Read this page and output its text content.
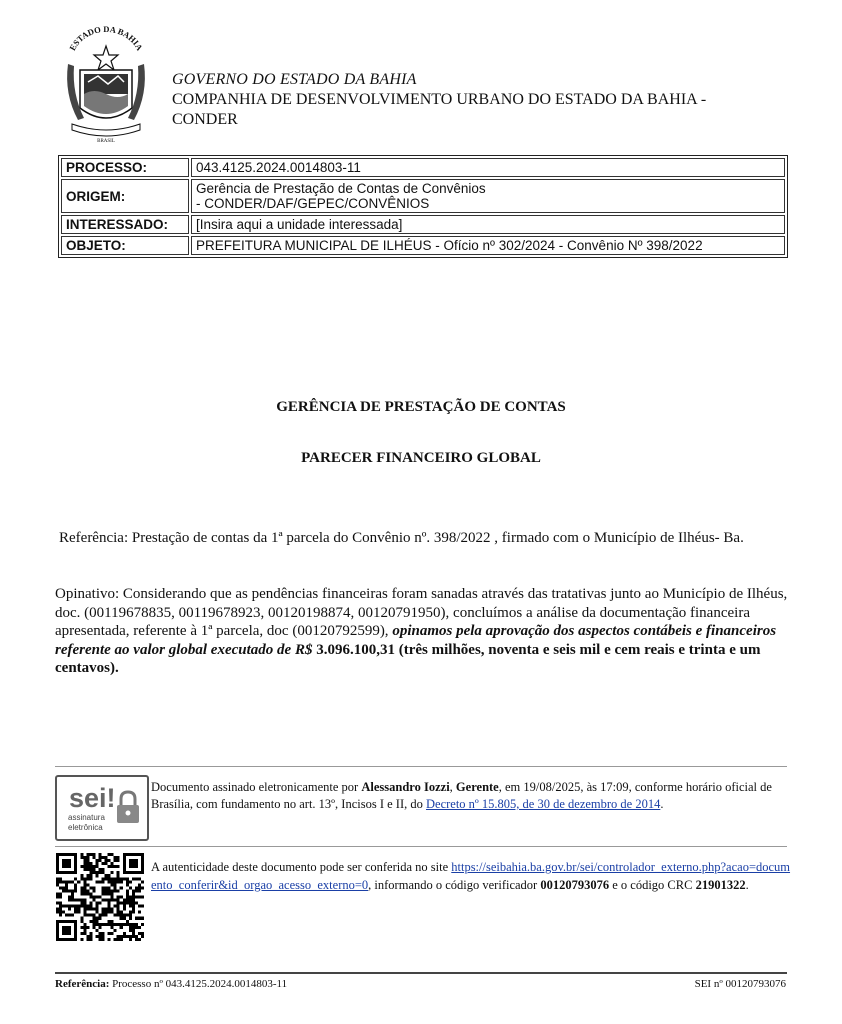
ESTADO DA BAHIA
BRASIL
GOVERNO DO ESTADO DA BAHIA
COMPANHIA DE DESENVOLVIMENTO URBANO DO ESTADO DA BAHIA -
CONDER
PROCESSO:	043.4125.2024.0014803-11
ORIGEM:	Gerência de Prestação de Contas de Convênios
- CONDER/DAF/GEPEC/CONVÊNIOS

INTERESSADO:	[Insira aqui a unidade interessada]
OBJETO:	PREFEITURA MUNICIPAL DE ILHÉUS - Ofício nº 302/2024 - Convênio Nº 398/2022
GERÊNCIA DE PRESTAÇÃO DE CONTAS
PARECER FINANCEIRO GLOBAL
Referência: Prestação de contas da 1ª parcela do Convênio nº. 398/2022 , firmado com o Município de Ilhéus- Ba.
Opinativo: Considerando que as pendências financeiras foram sanadas através das tratativas junto ao Município de Ilhéus, doc. (00119678835, 00119678923, 00120198874, 00120791950), concluímos a análise da documentação financeira apresentada, referente à 1ª parcela, doc (00120792599), opinamos pela aprovação dos aspectos contábeis e financeiros referente ao valor global executado de R$ 3.096.100,31 (três milhões, noventa e seis mil e cem reais e trinta e um centavos).
sei!
assinatura
eletrônica
Documento assinado eletronicamente por Alessandro Iozzi, Gerente, em 19/08/2025, às 17:09, conforme horário oficial de Brasília, com fundamento no art. 13º, Incisos I e II, do Decreto nº 15.805, de 30 de dezembro de 2014.
A autenticidade deste documento pode ser conferida no site https://seibahia.ba.gov.br/sei/controlador_externo.php?acao=documento_conferir&id_orgao_acesso_externo=0, informando o código verificador 00120793076 e o código CRC 21901322.
Referência: Processo nº 043.4125.2024.0014803-11	SEI nº 00120793076
